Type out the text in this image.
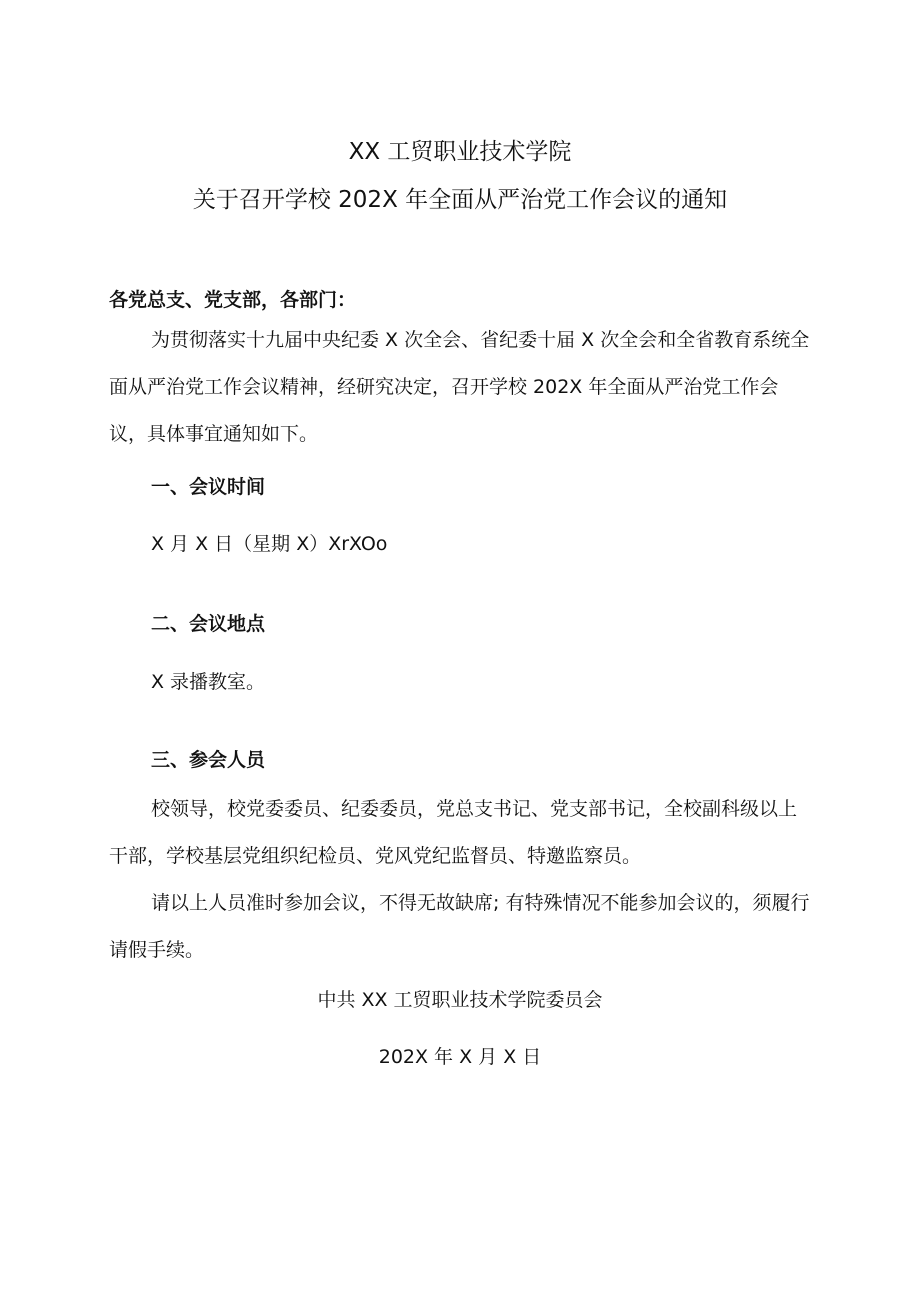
XX 工贸职业技术学院
关于召开学校 202X 年全面从严治党工作会议的通知
各党总支、党支部，各部门：
为贯彻落实十九届中央纪委 X 次全会、省纪委十届 X 次全会和全省教育系统全面从严治党工作会议精神，经研究决定，召开学校 202X 年全面从严治党工作会议，具体事宜通知如下。
一、会议时间
X 月 X 日（星期 X）XrXOo
二、会议地点
X 录播教室。
三、参会人员
校领导，校党委委员、纪委委员，党总支书记、党支部书记，全校副科级以上干部，学校基层党组织纪检员、党风党纪监督员、特邀监察员。
请以上人员准时参加会议，不得无故缺席; 有特殊情况不能参加会议的，须履行请假手续。
中共 XX 工贸职业技术学院委员会
202X 年 X 月 X 日
